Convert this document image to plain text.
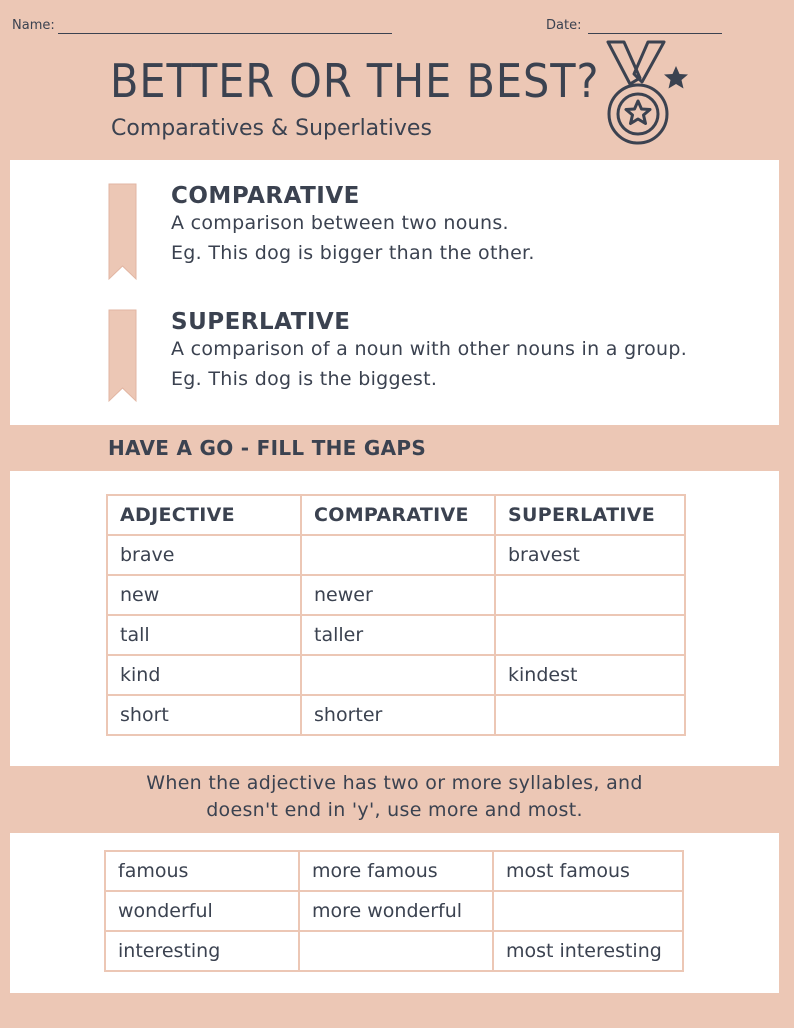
Name:	Date:
BETTER OR THE BEST?
Comparatives & Superlatives
COMPARATIVE
A comparison between two nouns.
Eg. This dog is bigger than the other.
SUPERLATIVE
A comparison of a noun with other nouns in a group.
Eg. This dog is the biggest.
HAVE A GO - FILL THE GAPS
ADJECTIVE	COMPARATIVE	SUPERLATIVE
brave		bravest
new	newer	
tall	taller	
kind		kindest
short	shorter	
When the adjective has two or more syllables, and
doesn't end in 'y', use more and most.
famous	more famous	most famous
wonderful	more wonderful	
interesting		most interesting
